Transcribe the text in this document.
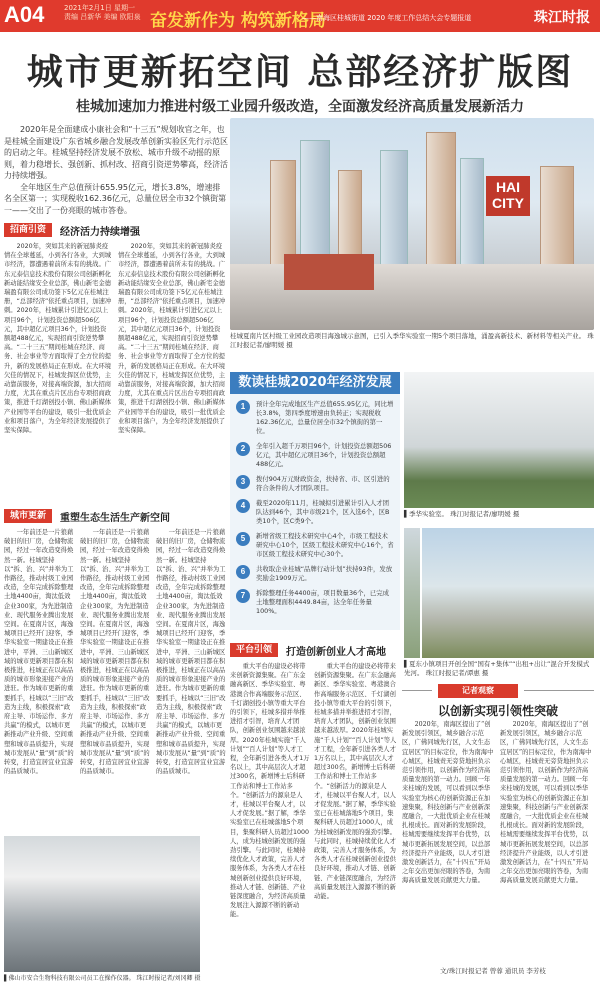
A04	2021年2月1日 星期一
责编 吕新华 美编 欧阳泉 奋发新作为 构筑新格局
——南海区桂城街道 2020 年度工作总结大会专题报道	珠江时报
城市更新拓空间 总部经济扩版图
桂城加速加力推进村级工业园升级改造，全面激发经济高质量发展新活力

2020年是全面建成小康社会和“十三五”规划收官之年，也是桂城全面建设广东省城乡融合发展改革创新实验区先行示范区的启动之年。桂城坚持经济发展不放松、城市升级不动摇的原则，着力稳增长、强创新、抓村改、招商引资逆势攀高，经济活力持续增强。

全年地区生产总值预计655.95亿元，增长3.8%，增速排名全区第一；实现税收162.36亿元，总量位居全市32个镇街第一——交出了一份亮眼的城市答卷。

HAI CITY
桂城夏南片区村级工业园改造项目海逸城示意图，已引入季华实验室一期5个项目落地，涌盈高新技术、新材料等相关产业。 珠江时报记者/廖明媛 摄
招商引资	经济活力持续增强

2020年，突如其来的新冠肺炎疫情在全球蔓延，小到各行各业，大到城市经济，都遭遇着前所未有的挑战。广东元泰信息技术股份有限公司创新孵化新动能结缘安全业总部，佛山新宅金德瑞盈有限公司成功签下5亿元在桂城注册，“总部经济”依托重点项目，加速冲刺。2020年，桂城累计引进亿元以上项目96个，计划投资总额超506亿元，其中超亿元项目36个，计划投资额超488亿元，实现招商引资逆势攀高。“二十三五”期间桂城在经济、商务、社会事业等方面取得了全方位的提升，新的发展格局正在形成。在大环境欠佳的情况下，桂城发挥区位优势，主动靠前服务，对接高端资源，加大招商力度，尤其在重点片区出台专项招商政策，推进千灯湖创投小镇、佛山新媒体产业园等平台的建设，吸引一批优质企业和项目落户，为全年经济发展提供了坚实保障。

2020年，突如其来的新冠肺炎疫情在全球蔓延，小到各行各业，大到城市经济，都遭遇着前所未有的挑战。广东元泰信息技术股份有限公司创新孵化新动能结缘安全业总部，佛山新宅金德瑞盈有限公司成功签下5亿元在桂城注册，“总部经济”依托重点项目，加速冲刺。2020年，桂城累计引进亿元以上项目96个，计划投资总额超506亿元，其中超亿元项目36个，计划投资额超488亿元，实现招商引资逆势攀高。“二十三五”期间桂城在经济、商务、社会事业等方面取得了全方位的提升，新的发展格局正在形成。在大环境欠佳的情况下，桂城发挥区位优势，主动靠前服务，对接高端资源，加大招商力度，尤其在重点片区出台专项招商政策，推进千灯湖创投小镇、佛山新媒体产业园等平台的建设，吸引一批优质企业和项目落户，为全年经济发展提供了坚实保障。

城市更新	重塑生态生活生产新空间

一年前还是一片狼藉破旧的旧厂房，仓储物流园，经过一年改造变得焕然一新。桂城坚持以“拆、治、兴”并举为工作路径，推动村级工业园改造，全年完成拆除整理土地4400亩，淘汰低效企业300家，为先进制造业、现代服务业腾出发展空间。在夏南片区，海逸城项目已经开门迎客，季华实验室一期建设正在推进中，平洲、三山新城区域的城市更新项目都在积极推进，桂城正在以高品质的城市形象迎接产业的进驻。作为城市更新的重要抓手，桂城以“三旧”改造为主线，积极探索“政府主导、市场运作、多方共赢”的模式，以城市更新推动产业升级、空间重塑和城市品质提升，实现城市发展从“量”到“质”的转变，打造宜居宜业宜游的品质城市。

一年前还是一片狼藉破旧的旧厂房，仓储物流园，经过一年改造变得焕然一新。桂城坚持以“拆、治、兴”并举为工作路径，推动村级工业园改造，全年完成拆除整理土地4400亩，淘汰低效企业300家，为先进制造业、现代服务业腾出发展空间。在夏南片区，海逸城项目已经开门迎客，季华实验室一期建设正在推进中，平洲、三山新城区域的城市更新项目都在积极推进，桂城正在以高品质的城市形象迎接产业的进驻。作为城市更新的重要抓手，桂城以“三旧”改造为主线，积极探索“政府主导、市场运作、多方共赢”的模式，以城市更新推动产业升级、空间重塑和城市品质提升，实现城市发展从“量”到“质”的转变，打造宜居宜业宜游的品质城市。

一年前还是一片狼藉破旧的旧厂房，仓储物流园，经过一年改造变得焕然一新。桂城坚持以“拆、治、兴”并举为工作路径，推动村级工业园改造，全年完成拆除整理土地4400亩，淘汰低效企业300家，为先进制造业、现代服务业腾出发展空间。在夏南片区，海逸城项目已经开门迎客，季华实验室一期建设正在推进中，平洲、三山新城区域的城市更新项目都在积极推进，桂城正在以高品质的城市形象迎接产业的进驻。作为城市更新的重要抓手，桂城以“三旧”改造为主线，积极探索“政府主导、市场运作、多方共赢”的模式，以城市更新推动产业升级、空间重塑和城市品质提升，实现城市发展从“量”到“质”的转变，打造宜居宜业宜游的品质城市。

平台引领	打造创新创业人才高地

重大平台的建设必将带来创新资源集聚。在广东金融高新区、季华实验室、粤港澳合作高端服务示范区、千灯湖创投小镇等重大平台的引领下，桂城多措并举推进招才引智，培育人才团队，创新创业氛围越来越浓厚。2020年桂城实施“千人计划”“百人计划”等人才工程，全年新引进各类人才1万名以上，其中高层次人才超过300名，新增博士后科研工作站和博士工作站多个。“创新活力的源泉是人才，桂城以平台聚人才，以人才促发展。”据了解，季华实验室已在桂城落地5个项目，集聚科研人员超过1000人，成为桂城创新发展的强劲引擎。与此同时，桂城持续优化人才政策，完善人才服务体系，为各类人才在桂城创新创业提供良好环境，推动人才链、创新链、产业链深度融合，为经济高质量发展注入源源不断的新动能。

重大平台的建设必将带来创新资源集聚。在广东金融高新区、季华实验室、粤港澳合作高端服务示范区、千灯湖创投小镇等重大平台的引领下，桂城多措并举推进招才引智，培育人才团队，创新创业氛围越来越浓厚。2020年桂城实施“千人计划”“百人计划”等人才工程，全年新引进各类人才1万名以上，其中高层次人才超过300名，新增博士后科研工作站和博士工作站多个。“创新活力的源泉是人才，桂城以平台聚人才，以人才促发展。”据了解，季华实验室已在桂城落地5个项目，集聚科研人员超过1000人，成为桂城创新发展的强劲引擎。与此同时，桂城持续优化人才政策，完善人才服务体系，为各类人才在桂城创新创业提供良好环境，推动人才链、创新链、产业链深度融合，为经济高质量发展注入源源不断的新动能。

数读桂城2020年经济发展
1	预计全年完成地区生产总值655.95亿元，同比增长3.8%，第四季度增速由负转正；实现税收162.36亿元，总量位居全市32个镇街的第一位。
2	全年引入超千万项目96个，计划投资总额超506亿元，其中超亿元项目36个，计划投资总额超488亿元。
3	拨付904万元财政资金，扶持省、市、区引进的符合条件的人才团队项目。
4	截至2020年11月，桂城拟引进累计引入人才团队达到46个，其中市级21个，区入选6个，区B类10个，区C类9个。
5	新增省级工程技术研究中心4个，市级工程技术研究中心10个，区级工程技术研究中心16个，省市区级工程技术研究中心30个。
6	共收取企业桂城“品牌行动计划”扶持93件，发放奖励金1909万元。
7	拆除整理任务4400亩，项目数量36个，已完成土地整理面积4449.84亩，达全年任务量100%。
▌季华实验室。 珠江时报记者/廖明媛 摄
▌夏东小镇项目开创全国“国有+集体”“出租+出让”混合开发模式先河。 珠江时报记者/谭惠 摄
记者观察
以创新实现引领性突破

2020年，南海区提出了“创新发展引领区，城乡融合示范区，广佛同城先行区，人文生态宜居区”的目标定位，作为南海中心城区，桂城责无旁贷地担负示范引领作用，以创新作为经济高质量发展的第一动力。回顾一年来桂城的发展，可以看到以季华实验室为核心的创新资源正在加速集聚，科技创新与产业创新深度融合，一大批优质企业在桂城扎根成长。面对新的发展阶段，桂城需要继续发挥平台优势，以城市更新拓展发展空间，以总部经济提升产业能级，以人才引进激发创新活力，在“十四五”开局之年交出更加亮眼的答卷，为南海高质量发展贡献更大力量。

2020年，南海区提出了“创新发展引领区，城乡融合示范区，广佛同城先行区，人文生态宜居区”的目标定位，作为南海中心城区，桂城责无旁贷地担负示范引领作用，以创新作为经济高质量发展的第一动力。回顾一年来桂城的发展，可以看到以季华实验室为核心的创新资源正在加速集聚，科技创新与产业创新深度融合，一大批优质企业在桂城扎根成长。面对新的发展阶段，桂城需要继续发挥平台优势，以城市更新拓展发展空间，以总部经济提升产业能级，以人才引进激发创新活力，在“十四五”开局之年交出更加亮眼的答卷，为南海高质量发展贡献更大力量。

文/珠江时报记者 曾蓉 通讯员 李芳枝
▌佛山市安合生物科技有限公司员工在操作仪器。 珠江时报记者/刘冈卿 摄
